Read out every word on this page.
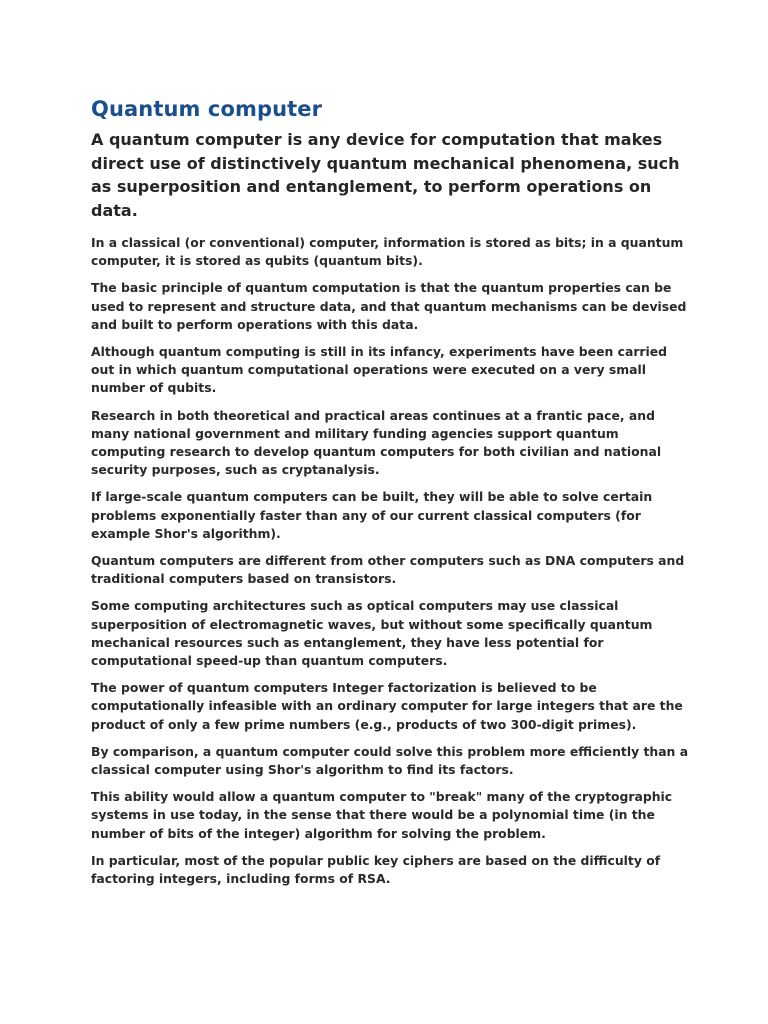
Quantum computer

A quantum computer is any device for computation that makes direct use of distinctively quantum mechanical phenomena, such as superposition and entanglement, to perform operations on data.

In a classical (or conventional) computer, information is stored as bits; in a quantum computer, it is stored as qubits (quantum bits).

The basic principle of quantum computation is that the quantum properties can be used to represent and structure data, and that quantum mechanisms can be devised and built to perform operations with this data.

Although quantum computing is still in its infancy, experiments have been carried out in which quantum computational operations were executed on a very small number of qubits.

Research in both theoretical and practical areas continues at a frantic pace, and many national government and military funding agencies support quantum computing research to develop quantum computers for both civilian and national security purposes, such as cryptanalysis.

If large-scale quantum computers can be built, they will be able to solve certain problems exponentially faster than any of our current classical computers (for example Shor's algorithm).

Quantum computers are different from other computers such as DNA computers and traditional computers based on transistors.

Some computing architectures such as optical computers may use classical superposition of electromagnetic waves, but without some specifically quantum mechanical resources such as entanglement, they have less potential for computational speed-up than quantum computers.

The power of quantum computers Integer factorization is believed to be computationally infeasible with an ordinary computer for large integers that are the product of only a few prime numbers (e.g., products of two 300-digit primes).

By comparison, a quantum computer could solve this problem more efficiently than a classical computer using Shor's algorithm to find its factors.

This ability would allow a quantum computer to "break" many of the cryptographic systems in use today, in the sense that there would be a polynomial time (in the number of bits of the integer) algorithm for solving the problem.

In particular, most of the popular public key ciphers are based on the difficulty of factoring integers, including forms of RSA.
